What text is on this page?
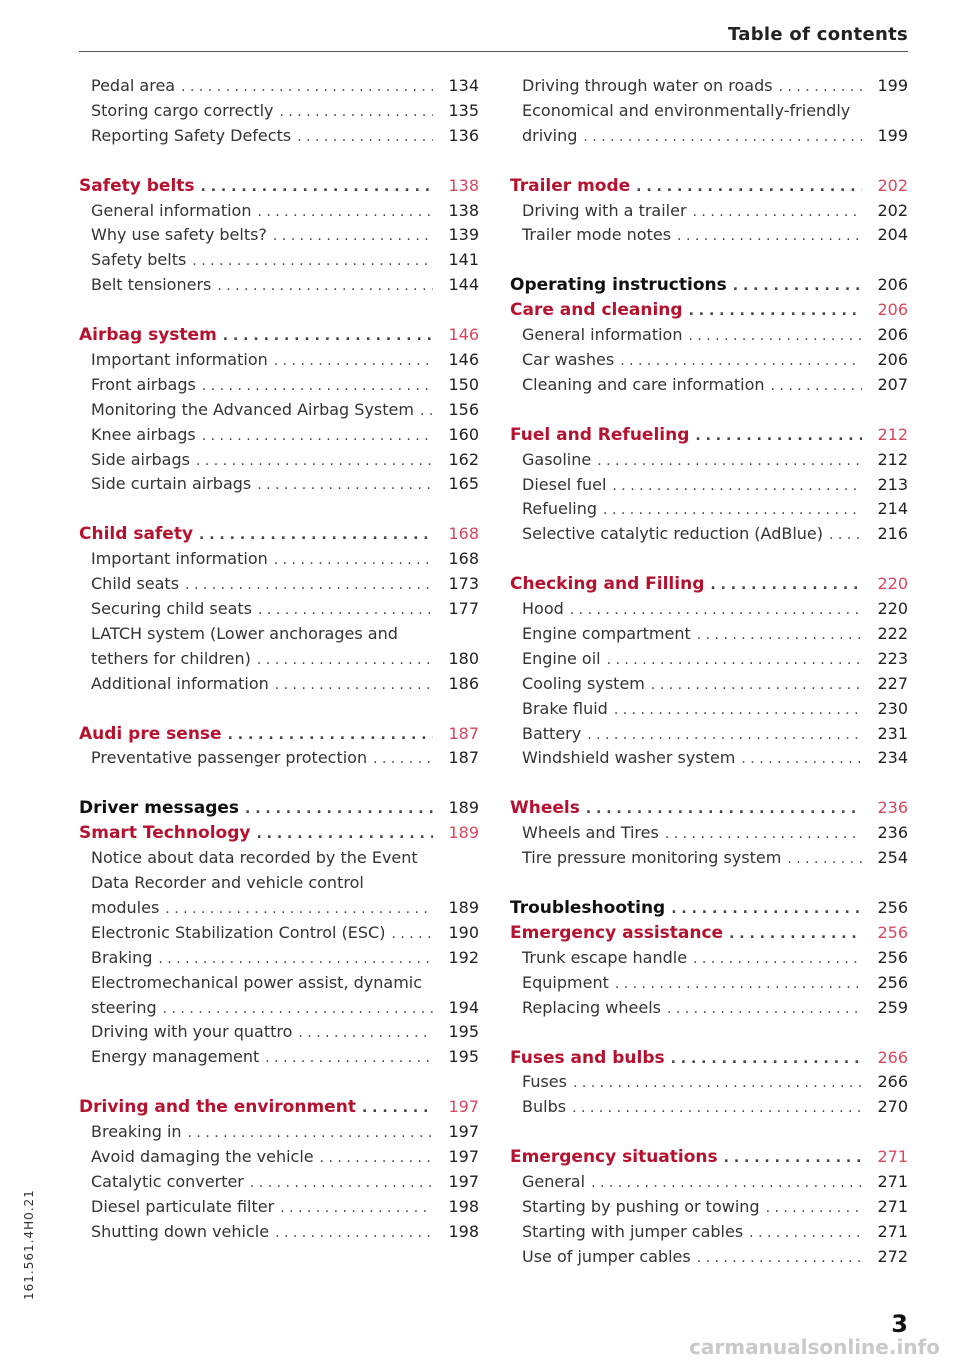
Table of contents
Pedal area . . .	134
Storing cargo correctly . . .	135
Reporting Safety Defects . . .	136
Safety belts . . .	138
General information . . .	138
Why use safety belts? . . .	139
Safety belts . . .	141
Belt tensioners . . .	144
Airbag system . . .	146
Important information . . .	146
Front airbags . . .	150
Monitoring the Advanced Airbag System . . .	156
Knee airbags . . .	160
Side airbags . . .	162
Side curtain airbags . . .	165
Child safety . . .	168
Important information . . .	168
Child seats . . .	173
Securing child seats . . .	177
LATCH system (Lower anchorages and
tethers for children) . . .	180
Additional information . . .	186
Audi pre sense . . .	187
Preventative passenger protection . . .	187
Driver messages . . .	189
Smart Technology . . .	189
Notice about data recorded by the Event
Data Recorder and vehicle control
modules . . .	189
Electronic Stabilization Control (ESC) . . .	190
Braking . . .	192
Electromechanical power assist, dynamic
steering . . .	194
Driving with your quattro . . .	195
Energy management . . .	195
Driving and the environment . . .	197
Breaking in . . .	197
Avoid damaging the vehicle . . .	197
Catalytic converter . . .	197
Diesel particulate filter . . .	198
Shutting down vehicle . . .	198
Driving through water on roads . . .	199
Economical and environmentally-friendly
driving . . .	199
Trailer mode . . .	202
Driving with a trailer . . .	202
Trailer mode notes . . .	204
Operating instructions . . .	206
Care and cleaning . . .	206
General information . . .	206
Car washes . . .	206
Cleaning and care information . . .	207
Fuel and Refueling . . .	212
Gasoline . . .	212
Diesel fuel . . .	213
Refueling . . .	214
Selective catalytic reduction (AdBlue) . . .	216
Checking and Filling . . .	220
Hood . . .	220
Engine compartment . . .	222
Engine oil . . .	223
Cooling system . . .	227
Brake fluid . . .	230
Battery . . .	231
Windshield washer system . . .	234
Wheels . . .	236
Wheels and Tires . . .	236
Tire pressure monitoring system . . .	254
Troubleshooting . . .	256
Emergency assistance . . .	256
Trunk escape handle . . .	256
Equipment . . .	256
Replacing wheels . . .	259
Fuses and bulbs . . .	266
Fuses . . .	266
Bulbs . . .	270
Emergency situations . . .	271
General . . .	271
Starting by pushing or towing . . .	271
Starting with jumper cables . . .	271
Use of jumper cables . . .	272
161.561.4H0.21
3
carmanualsonline.info
